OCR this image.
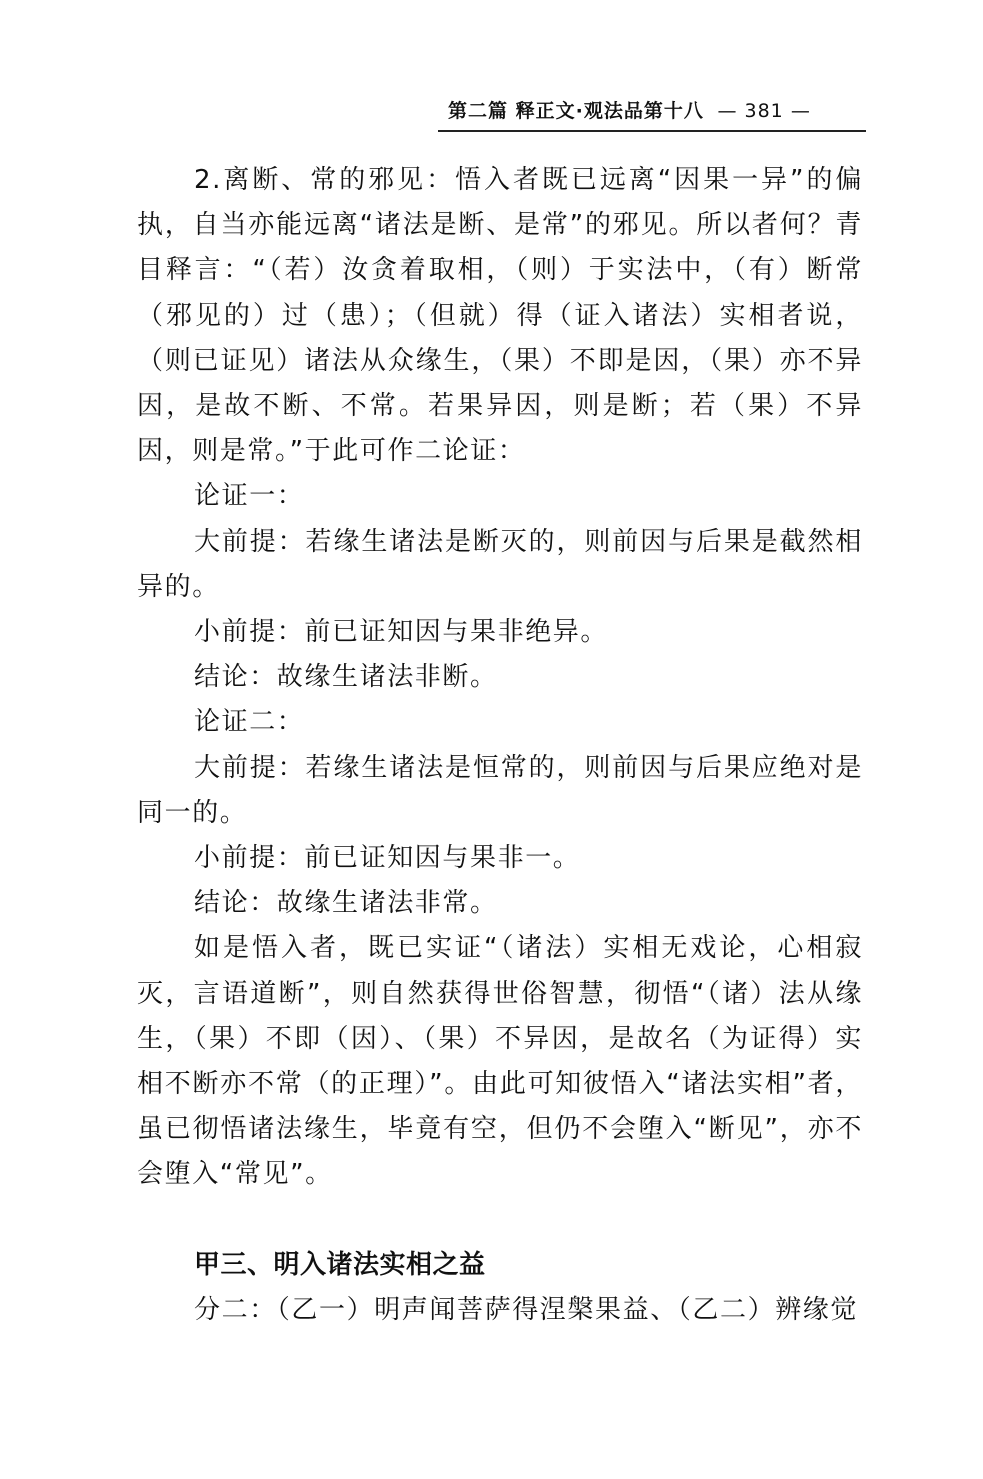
第二篇 释正文·观法品第十八 — 381 —

2.离断、常的邪见：悟入者既已远离“因果一异”的偏执，自当亦能远离“诸法是断、是常”的邪见。所以者何？青目释言：“（若）汝贪着取相，（则）于实法中，（有）断常（邪见的）过（患）；（但就）得（证入诸法）实相者说，（则已证见）诸法从众缘生，（果）不即是因，（果）亦不异因，是故不断、不常。若果异因，则是断；若（果）不异因，则是常。”于此可作二论证：

论证一：

大前提：若缘生诸法是断灭的，则前因与后果是截然相异的。

小前提：前已证知因与果非绝异。

结论：故缘生诸法非断。

论证二：

大前提：若缘生诸法是恒常的，则前因与后果应绝对是同一的。

小前提：前已证知因与果非一。

结论：故缘生诸法非常。

如是悟入者，既已实证“（诸法）实相无戏论，心相寂灭，言语道断”，则自然获得世俗智慧，彻悟“（诸）法从缘生，（果）不即（因）、（果）不异因，是故名（为证得）实相不断亦不常（的正理）”。由此可知彼悟入“诸法实相”者，虽已彻悟诸法缘生，毕竟有空，但仍不会堕入“断见”，亦不会堕入“常见”。

甲三、明入诸法实相之益

分二：（乙一）明声闻菩萨得涅槃果益、（乙二）辨缘觉
